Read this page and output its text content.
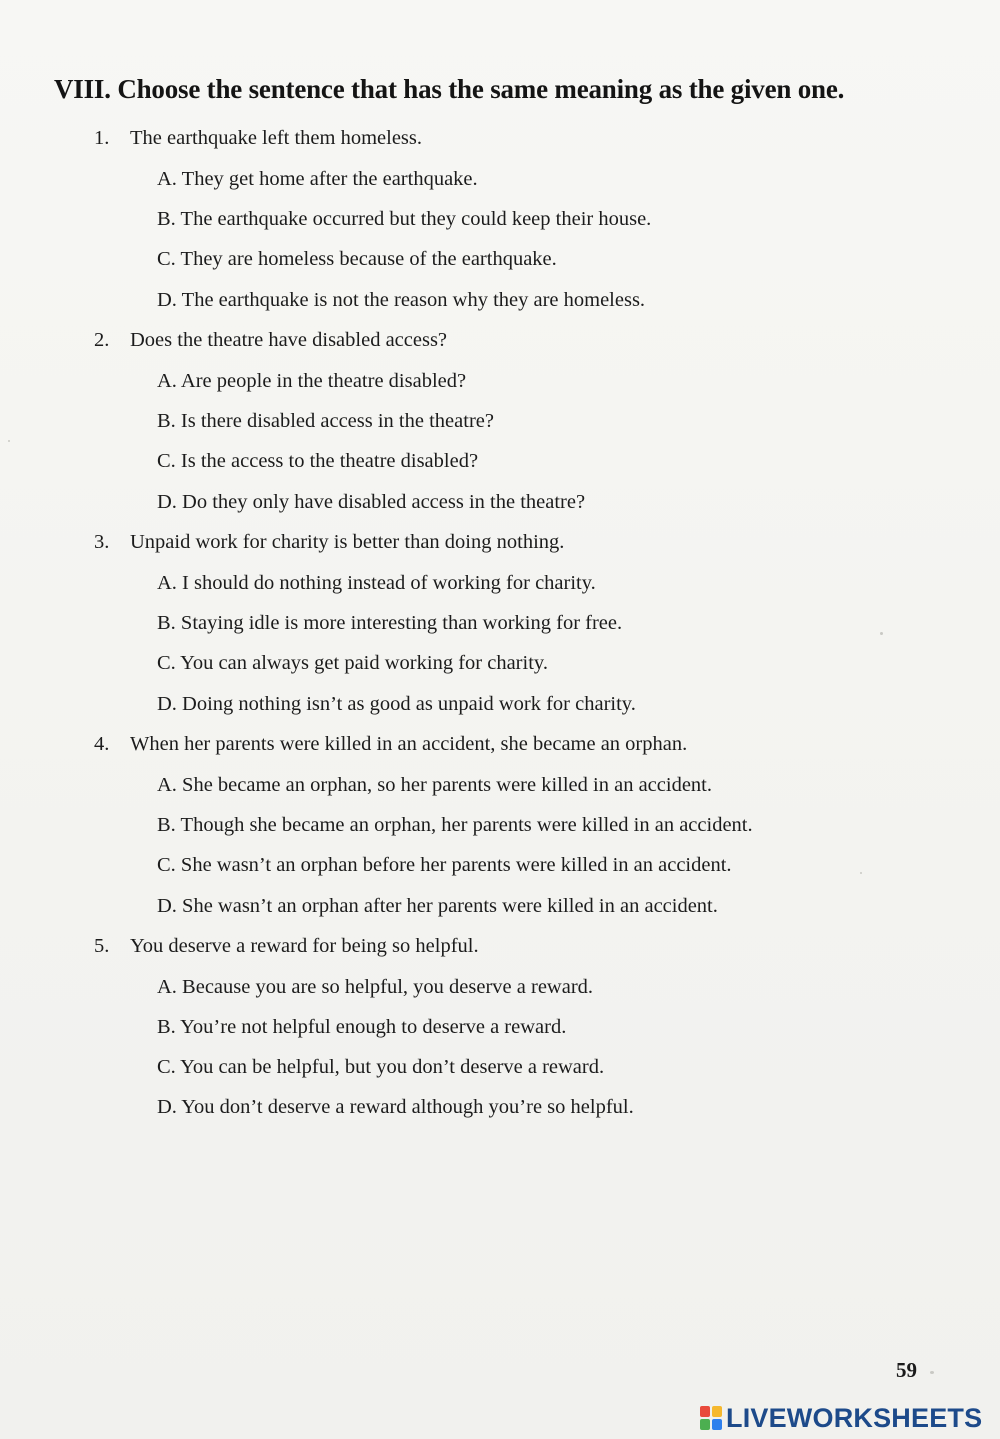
VIII. Choose the sentence that has the same meaning as the given one.
1. The earthquake left them homeless.
A. They get home after the earthquake.
B. The earthquake occurred but they could keep their house.
C. They are homeless because of the earthquake.
D. The earthquake is not the reason why they are homeless.
2. Does the theatre have disabled access?
A. Are people in the theatre disabled?
B. Is there disabled access in the theatre?
C. Is the access to the theatre disabled?
D. Do they only have disabled access in the theatre?
3. Unpaid work for charity is better than doing nothing.
A. I should do nothing instead of working for charity.
B. Staying idle is more interesting than working for free.
C. You can always get paid working for charity.
D. Doing nothing isn’t as good as unpaid work for charity.
4. When her parents were killed in an accident, she became an orphan.
A. She became an orphan, so her parents were killed in an accident.
B. Though she became an orphan, her parents were killed in an accident.
C. She wasn’t an orphan before her parents were killed in an accident.
D. She wasn’t an orphan after her parents were killed in an accident.
5. You deserve a reward for being so helpful.
A. Because you are so helpful, you deserve a reward.
B. You’re not helpful enough to deserve a reward.
C. You can be helpful, but you don’t deserve a reward.
D. You don’t deserve a reward although you’re so helpful.
59
LIVEWORKSHEETS
